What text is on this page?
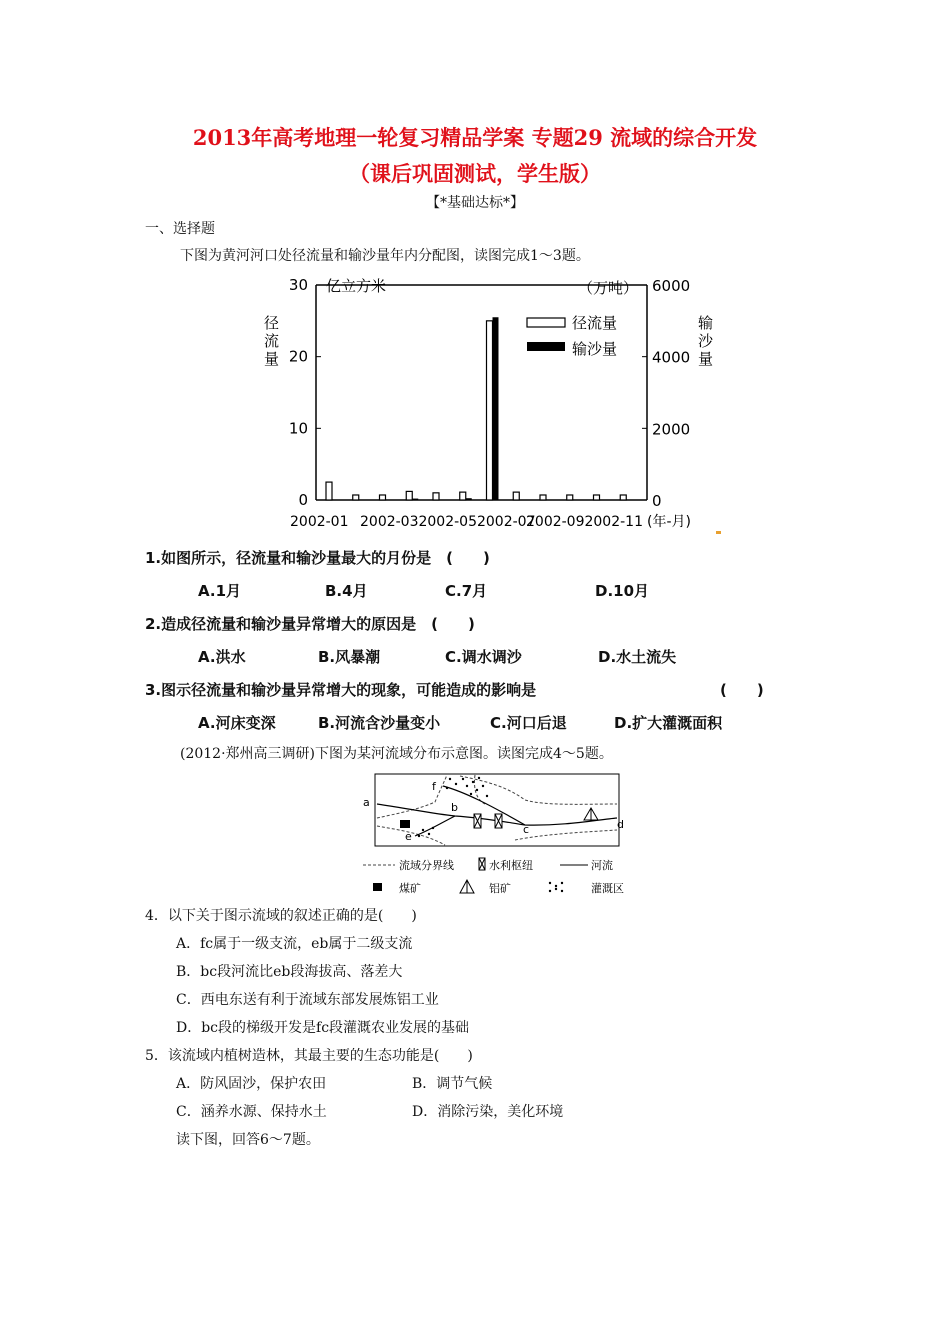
2013年高考地理一轮复习精品学案 专题29 流域的综合开发
（课后巩固测试，学生版）
【*基础达标*】
一、选择题
下图为黄河河口处径流量和输沙量年内分配图，读图完成1～3题。
30
20
10
0
6000
4000
2000
0
亿立方米	（万吨）
径流量
输沙量
径流量
输沙量
2002-01 2002-032002-052002-07
2002-092002-11 (年-月)
1.如图所示，径流量和输沙量最大的月份是　(　　)
A.1月	B.4月	C.7月	D.10月
2.造成径流量和输沙量异常增大的原因是　(　　)
A.洪水	B.风暴潮	C.调水调沙	D.水土流失
3.图示径流量和输沙量异常增大的现象，可能造成的影响是	(　　)
A.河床变深	B.河流含沙量变小	C.河口后退	D.扩大灌溉面积
(2012·郑州高三调研)下图为某河流域分布示意图。读图完成4～5题。
a	b
c	d
e
f
流域分界线	水利枢纽	河流
煤矿	铝矿	灌溉区
4．以下关于图示流域的叙述正确的是(　　)
A．fc属于一级支流，eb属于二级支流
B．bc段河流比eb段海拔高、落差大
C．西电东送有利于流域东部发展炼铝工业
D．bc段的梯级开发是fc段灌溉农业发展的基础
5．该流域内植树造林，其最主要的生态功能是(　　)
A．防风固沙，保护农田	B．调节气候
C．涵养水源、保持水土	D．消除污染，美化环境
读下图，回答6～7题。
